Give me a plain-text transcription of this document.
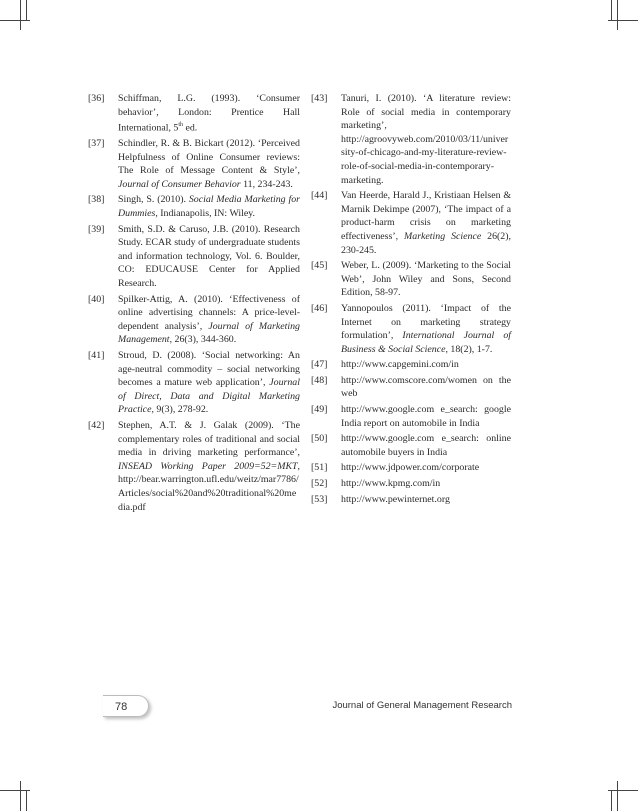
[36]	Schiffman, L.G. (1993). ‘Consumer behavior’, London: Prentice Hall International, 5th ed.
[37]	Schindler, R. & B. Bickart (2012). ‘Perceived Helpfulness of Online Consumer reviews: The Role of Message Content & Style’, Journal of Consumer Behavior 11, 234-243.
[38]	Singh, S. (2010). Social Media Marketing for Dummies, Indianapolis, IN: Wiley.
[39]	Smith, S.D. & Caruso, J.B. (2010). Research Study. ECAR study of undergraduate students and information technology, Vol. 6. Boulder, CO: EDUCAUSE Center for Applied Research.
[40]	Spilker-Attig, A. (2010). ‘Effectiveness of online advertising channels: A price-level-dependent analysis’, Journal of Marketing Management, 26(3), 344-360.
[41]	Stroud, D. (2008). ‘Social networking: An age-neutral commodity – social networking becomes a mature web application’, Journal of Direct, Data and Digital Marketing Practice, 9(3), 278-92.
[42]	Stephen, A.T. & J. Galak (2009). ‘The complementary roles of traditional and social media in driving marketing performance’, INSEAD Working Paper 2009=52=MKT, http://bear.warrington.ufl.edu/weitz/mar7786/Articles/social%20and%20traditional%20media.pdf
[43]	Tanuri, I. (2010). ‘A literature review: Role of social media in contemporary marketing’, http://agroovyweb.com/2010/03/11/university-of-chicago-and-my-literature-review-role-of-social-media-in-contemporary-marketing.
[44]	Van Heerde, Harald J., Kristiaan Helsen & Marnik Dekimpe (2007), ‘The impact of a product-harm crisis on marketing effectiveness’, Marketing Science 26(2), 230-245.
[45]	Weber, L. (2009). ‘Marketing to the Social Web’, John Wiley and Sons, Second Edition, 58-97.
[46]	Yannopoulos (2011). ‘Impact of the Internet on marketing strategy formulation’, International Journal of Business & Social Science, 18(2), 1-7.
[47]	http://www.capgemini.com/in
[48]	http://www.comscore.com/women on the web
[49]	http://www.google.com e_search: google India report on automobile in India
[50]	http://www.google.com e_search: online automobile buyers in India
[51]	http://www.jdpower.com/corporate
[52]	http://www.kpmg.com/in
[53]	http://www.pewinternet.org
78	Journal of General Management Research
